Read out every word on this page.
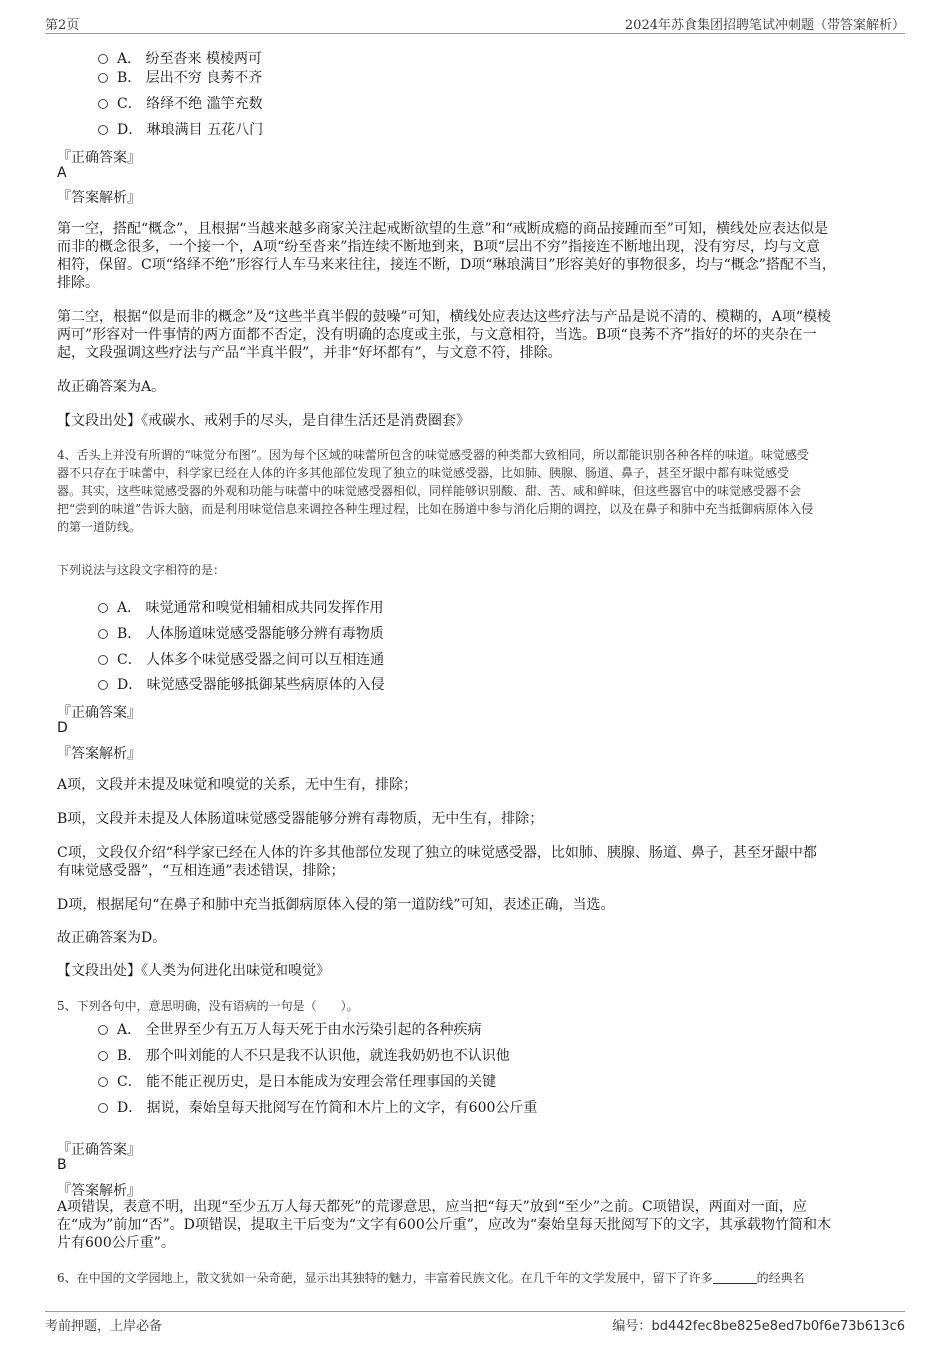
第2页	2024年苏食集团招聘笔试冲刺题（带答案解析）
A． 纷至沓来 模棱两可
B． 层出不穷 良莠不齐
C． 络绎不绝 滥竽充数
D． 琳琅满目 五花八门
『正确答案』
A
『答案解析』
第一空，搭配“概念”，且根据“当越来越多商家关注起戒断欲望的生意”和“戒断成瘾的商品接踵而至”可知，横线处应表达似是
而非的概念很多，一个接一个，A项“纷至沓来”指连续不断地到来，B项“层出不穷”指接连不断地出现，没有穷尽，均与文意
相符，保留。C项“络绎不绝”形容行人车马来来往往，接连不断，D项“琳琅满目”形容美好的事物很多，均与“概念”搭配不当，
排除。
第二空，根据“似是而非的概念”及“这些半真半假的鼓噪”可知，横线处应表达这些疗法与产品是说不清的、模糊的，A项“模棱
两可”形容对一件事情的两方面都不否定，没有明确的态度或主张，与文意相符，当选。B项“良莠不齐”指好的坏的夹杂在一
起，文段强调这些疗法与产品“半真半假”，并非“好坏都有”，与文意不符，排除。
故正确答案为A。
【文段出处】《戒碳水、戒剁手的尽头，是自律生活还是消费圈套》
4、舌头上并没有所谓的“味觉分布图”。因为每个区域的味蕾所包含的味觉感受器的种类都大致相同，所以都能识别各种各样的味道。味觉感受
器不只存在于味蕾中，科学家已经在人体的许多其他部位发现了独立的味觉感受器，比如肺、胰腺、肠道、鼻子，甚至牙龈中都有味觉感受
器。其实，这些味觉感受器的外观和功能与味蕾中的味觉感受器相似，同样能够识别酸、甜、苦、咸和鲜味，但这些器官中的味觉感受器不会
把“尝到的味道”告诉大脑，而是利用味觉信息来调控各种生理过程，比如在肠道中参与消化后期的调控，以及在鼻子和肺中充当抵御病原体入侵
的第一道防线。
下列说法与这段文字相符的是：
A． 味觉通常和嗅觉相辅相成共同发挥作用
B． 人体肠道味觉感受器能够分辨有毒物质
C． 人体多个味觉感受器之间可以互相连通
D． 味觉感受器能够抵御某些病原体的入侵
『正确答案』
D
『答案解析』
A项，文段并未提及味觉和嗅觉的关系，无中生有，排除；
B项，文段并未提及人体肠道味觉感受器能够分辨有毒物质，无中生有，排除；
C项，文段仅介绍“科学家已经在人体的许多其他部位发现了独立的味觉感受器，比如肺、胰腺、肠道、鼻子，甚至牙龈中都
有味觉感受器”，“互相连通”表述错误，排除；
D项，根据尾句“在鼻子和肺中充当抵御病原体入侵的第一道防线”可知，表述正确，当选。
故正确答案为D。
【文段出处】《人类为何进化出味觉和嗅觉》
5、下列各句中，意思明确，没有语病的一句是（　　）。
A． 全世界至少有五万人每天死于由水污染引起的各种疾病
B． 那个叫刘能的人不只是我不认识他，就连我奶奶也不认识他
C． 能不能正视历史，是日本能成为安理会常任理事国的关键
D． 据说，秦始皇每天批阅写在竹简和木片上的文字，有600公斤重
『正确答案』
B
『答案解析』
A项错误，表意不明，出现“至少五万人每天都死”的荒谬意思，应当把“每天”放到“至少”之前。C项错误，两面对一面，应
在“成为”前加“否”。D项错误，提取主干后变为“文字有600公斤重”，应改为“秦始皇每天批阅写下的文字，其承载物竹简和木
片有600公斤重”。
6、在中国的文学园地上，散文犹如一朵奇葩，显示出其独特的魅力，丰富着民族文化。在几千年的文学发展中，留下了许多	的经典名
考前押题，上岸必备	编号：bd442fec8be825e8ed7b0f6e73b613c6
